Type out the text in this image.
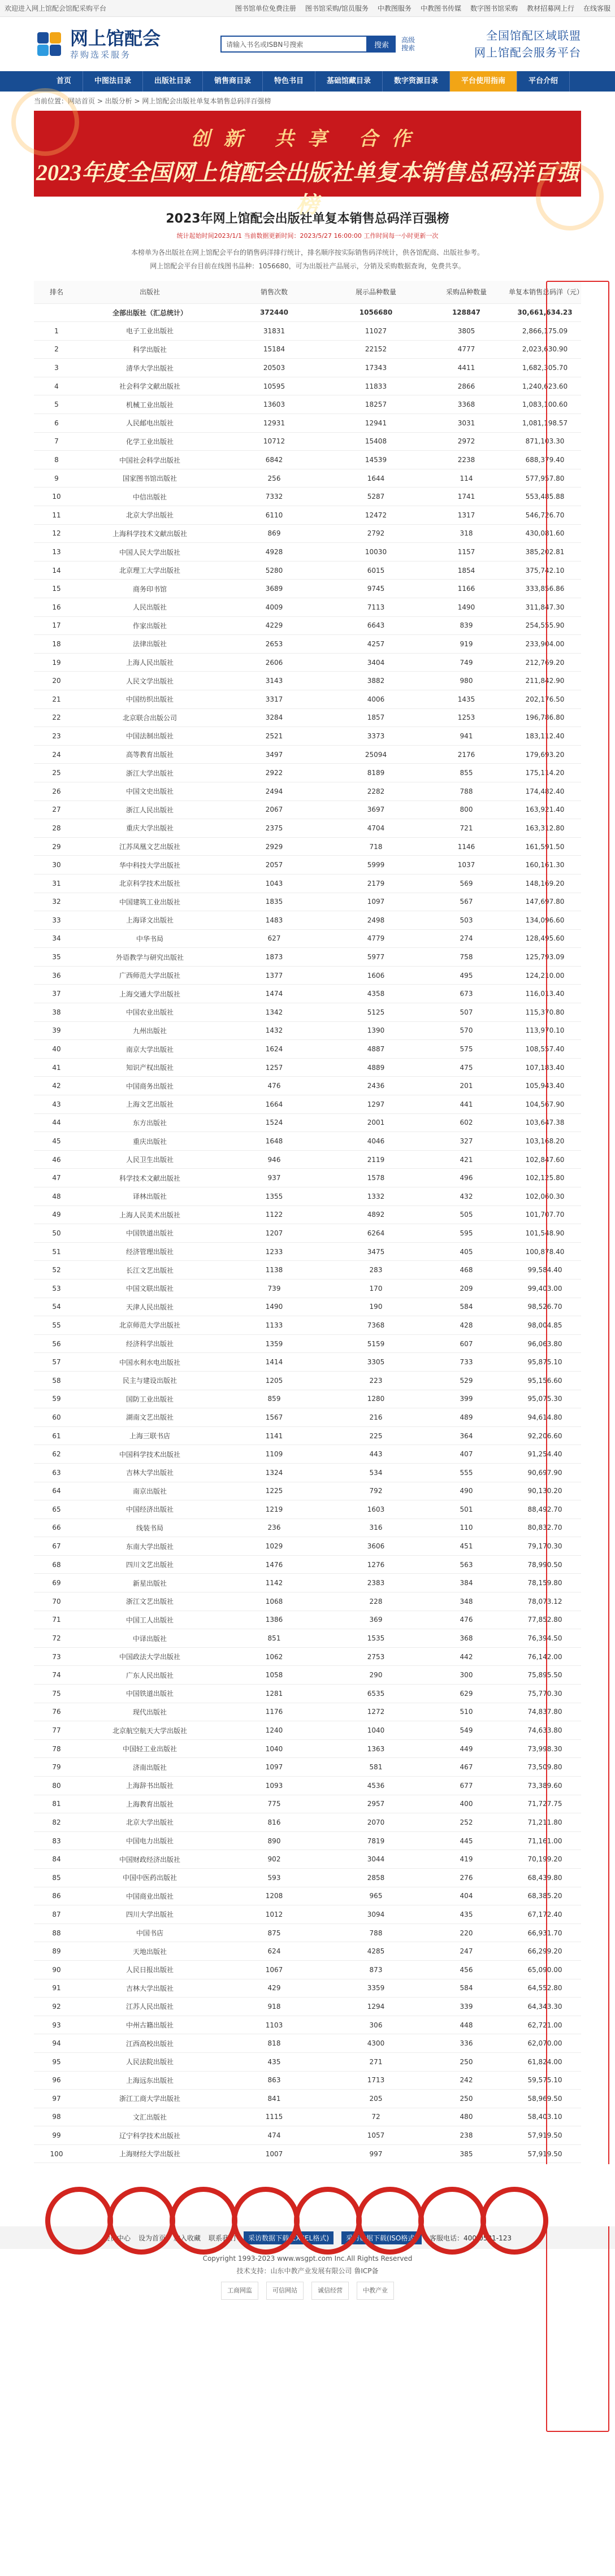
欢迎进入网上馆配会馆配采购平台	图书馆单位免费注册 图书馆采购/馆员服务 中教图服务 中教图书传媒 数字图书馆采购 教材招募网上行 在线客服
网上馆配会
荐购选采服务
请输入书名或ISBN号搜索	搜索
高级搜索
全国馆配区域联盟
网上馆配会服务平台
首页	中图法目录	出版社目录	销售商目录	特色书目	基础馆藏目录	数字资源目录	平台使用指南	平台介绍
当前位置：网站首页 > 出版分析 > 网上馆配会出版社单复本销售总码洋百强榜
创新 共享 合作
2023年度全国网上馆配会出版社单复本销售总码洋百强榜
2023年网上馆配会出版社单复本销售总码洋百强榜
统计起始时间2023/1/1 当前数据更新时间：2023/5/27 16:00:00 工作时间每一小时更新一次
本榜单为各出版社在网上馆配会平台的销售码洋排行统计，排名顺序按实际销售码洋统计，供各馆配商、出版社参考。
网上馆配会平台目前在线图书品种：1056680，可为出版社产品展示，分销及采购数据查询，免费共享。
排名	出版社	销售次数	展示品种数量	采购品种数量	单复本销售总码洋（元）
	全部出版社（汇总统计）	372440	1056680	128847	30,661,634.23
1	电子工业出版社	31831	11027	3805	2,866,175.09
2	科学出版社	15184	22152	4777	2,023,630.90
3	清华大学出版社	20503	17343	4411	1,682,305.70
4	社会科学文献出版社	10595	11833	2866	1,240,623.60
5	机械工业出版社	13603	18257	3368	1,083,100.60
6	人民邮电出版社	12931	12941	3031	1,081,198.57
7	化学工业出版社	10712	15408	2972	871,103.30
8	中国社会科学出版社	6842	14539	2238	688,379.40
9	国家图书馆出版社	256	1644	114	577,957.80
10	中信出版社	7332	5287	1741	553,485.88
11	北京大学出版社	6110	12472	1317	546,726.70
12	上海科学技术文献出版社	869	2792	318	430,081.60
13	中国人民大学出版社	4928	10030	1157	385,202.81
14	北京理工大学出版社	5280	6015	1854	375,742.10
15	商务印书馆	3689	9745	1166	333,856.86
16	人民出版社	4009	7113	1490	311,847.30
17	作家出版社	4229	6643	839	254,555.90
18	法律出版社	2653	4257	919	233,904.00
19	上海人民出版社	2606	3404	749	212,769.20
20	人民文学出版社	3143	3882	980	211,842.90
21	中国纺织出版社	3317	4006	1435	202,176.50
22	北京联合出版公司	3284	1857	1253	196,786.80
23	中国法制出版社	2521	3373	941	183,112.40
24	高等教育出版社	3497	25094	2176	179,693.20
25	浙江大学出版社	2922	8189	855	175,114.20
26	中国文史出版社	2494	2282	788	174,482.40
27	浙江人民出版社	2067	3697	800	163,921.40
28	重庆大学出版社	2375	4704	721	163,312.80
29	江苏凤凰文艺出版社	2929	718	1146	161,591.50
30	华中科技大学出版社	2057	5999	1037	160,161.30
31	北京科学技术出版社	1043	2179	569	148,169.20
32	中国建筑工业出版社	1835	1097	567	147,697.80
33	上海译文出版社	1483	2498	503	134,096.60
34	中华书局	627	4779	274	128,495.60
35	外语教学与研究出版社	1873	5977	758	125,793.09
36	广西师范大学出版社	1377	1606	495	124,210.00
37	上海交通大学出版社	1474	4358	673	116,013.40
38	中国农业出版社	1342	5125	507	115,370.80
39	九州出版社	1432	1390	570	113,970.10
40	南京大学出版社	1624	4887	575	108,557.40
41	知识产权出版社	1257	4889	475	107,183.40
42	中国商务出版社	476	2436	201	105,943.40
43	上海文艺出版社	1664	1297	441	104,567.90
44	东方出版社	1524	2001	602	103,647.38
45	重庆出版社	1648	4046	327	103,168.20
46	人民卫生出版社	946	2119	421	102,847.60
47	科学技术文献出版社	937	1578	496	102,125.80
48	译林出版社	1355	1332	432	102,060.30
49	上海人民美术出版社	1122	4892	505	101,707.70
50	中国铁道出版社	1207	6264	595	101,548.90
51	经济管理出版社	1233	3475	405	100,878.40
52	长江文艺出版社	1138	283	468	99,584.40
53	中国文联出版社	739	170	209	99,403.00
54	天津人民出版社	1490	190	584	98,526.70
55	北京师范大学出版社	1133	7368	428	98,004.85
56	经济科学出版社	1359	5159	607	96,063.80
57	中国水利水电出版社	1414	3305	733	95,875.10
58	民主与建设出版社	1205	223	529	95,156.60
59	国防工业出版社	859	1280	399	95,075.30
60	湖南文艺出版社	1567	216	489	94,614.80
61	上海三联书店	1141	225	364	92,206.60
62	中国科学技术出版社	1109	443	407	91,254.40
63	吉林大学出版社	1324	534	555	90,697.90
64	南京出版社	1225	792	490	90,130.20
65	中国经济出版社	1219	1603	501	88,492.70
66	线装书局	236	316	110	80,832.70
67	东南大学出版社	1029	3606	451	79,170.30
68	四川文艺出版社	1476	1276	563	78,990.50
69	新星出版社	1142	2383	384	78,159.80
70	浙江文艺出版社	1068	228	348	78,073.12
71	中国工人出版社	1386	369	476	77,852.80
72	中译出版社	851	1535	368	76,394.50
73	中国政法大学出版社	1062	2753	442	76,142.00
74	广东人民出版社	1058	290	300	75,895.50
75	中国铁道出版社	1281	6535	629	75,770.30
76	现代出版社	1176	1272	510	74,837.80
77	北京航空航天大学出版社	1240	1040	549	74,633.80
78	中国轻工业出版社	1040	1363	449	73,998.30
79	济南出版社	1097	581	467	73,509.80
80	上海辞书出版社	1093	4536	677	73,389.60
81	上海教育出版社	775	2957	400	71,727.75
82	北京大学出版社	816	2070	252	71,211.80
83	中国电力出版社	890	7819	445	71,161.00
84	中国财政经济出版社	902	3044	419	70,199.20
85	中国中医药出版社	593	2858	276	68,439.80
86	中国商业出版社	1208	965	404	68,385.20
87	四川大学出版社	1012	3094	435	67,172.40
88	中国书店	875	788	220	66,931.70
89	天地出版社	624	4285	247	66,299.20
90	人民日报出版社	1067	873	456	65,090.00
91	吉林大学出版社	429	3359	584	64,552.80
92	江苏人民出版社	918	1294	339	64,343.30
93	中州古籍出版社	1103	306	448	62,721.00
94	江西高校出版社	818	4300	336	62,070.00
95	人民法院出版社	435	271	250	61,824.00
96	上海远东出版社	863	1713	242	59,575.10
97	浙江工商大学出版社	841	205	250	58,969.50
98	文汇出版社	1115	72	480	58,403.10
99	辽宁科学技术出版社	474	1057	238	57,919.50
100	上海财经大学出版社	1007	997	385	57,919.50
会员中心 设为首页 加入收藏 联系我们	采访数据下载(EXCEL格式)	采访数据下载(ISO格式)	客服电话：400-0531-123
Copyright 1993-2023 www.wsgpt.com Inc.All Rights Reserved
技术支持：山东中教产业发展有限公司 鲁ICP备
工商网监	可信网站	诚信经营	中教产业
